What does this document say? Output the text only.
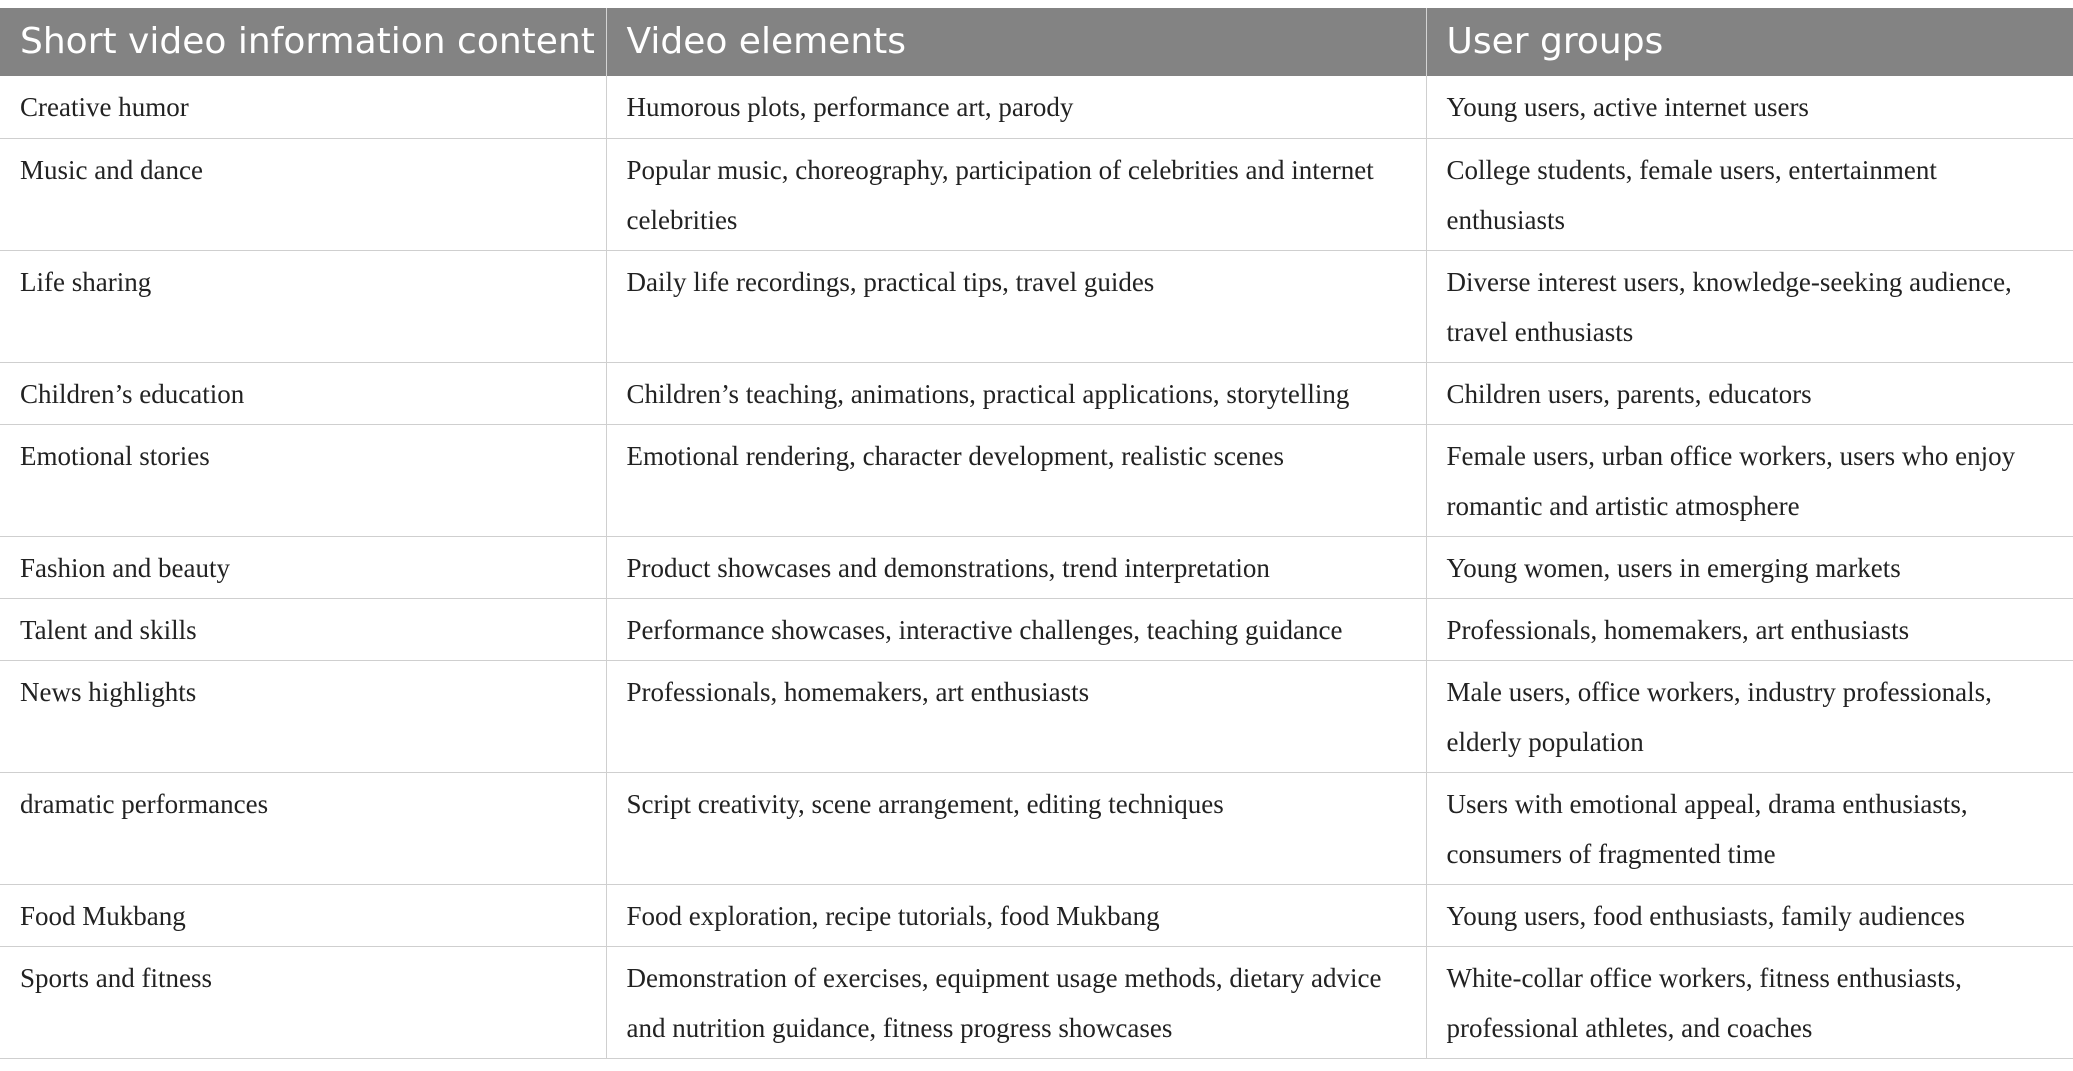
Short video information content	Video elements	User groups
Creative humor	Humorous plots, performance art, parody	Young users, active internet users
Music and dance	Popular music, choreography, participation of celebrities and internet celebrities	College students, female users, entertainment enthusiasts
Life sharing	Daily life recordings, practical tips, travel guides	Diverse interest users, knowledge-seeking audience, travel enthusiasts
Children’s education	Children’s teaching, animations, practical applications, storytelling	Children users, parents, educators
Emotional stories	Emotional rendering, character development, realistic scenes	Female users, urban office workers, users who enjoy romantic and artistic atmosphere
Fashion and beauty	Product showcases and demonstrations, trend interpretation	Young women, users in emerging markets
Talent and skills	Performance showcases, interactive challenges, teaching guidance	Professionals, homemakers, art enthusiasts
News highlights	Professionals, homemakers, art enthusiasts	Male users, office workers, industry professionals, elderly population
dramatic performances	Script creativity, scene arrangement, editing techniques	Users with emotional appeal, drama enthusiasts, consumers of fragmented time
Food Mukbang	Food exploration, recipe tutorials, food Mukbang	Young users, food enthusiasts, family audiences
Sports and fitness	Demonstration of exercises, equipment usage methods, dietary advice and nutrition guidance, fitness progress showcases	White-collar office workers, fitness enthusiasts, professional athletes, and coaches
